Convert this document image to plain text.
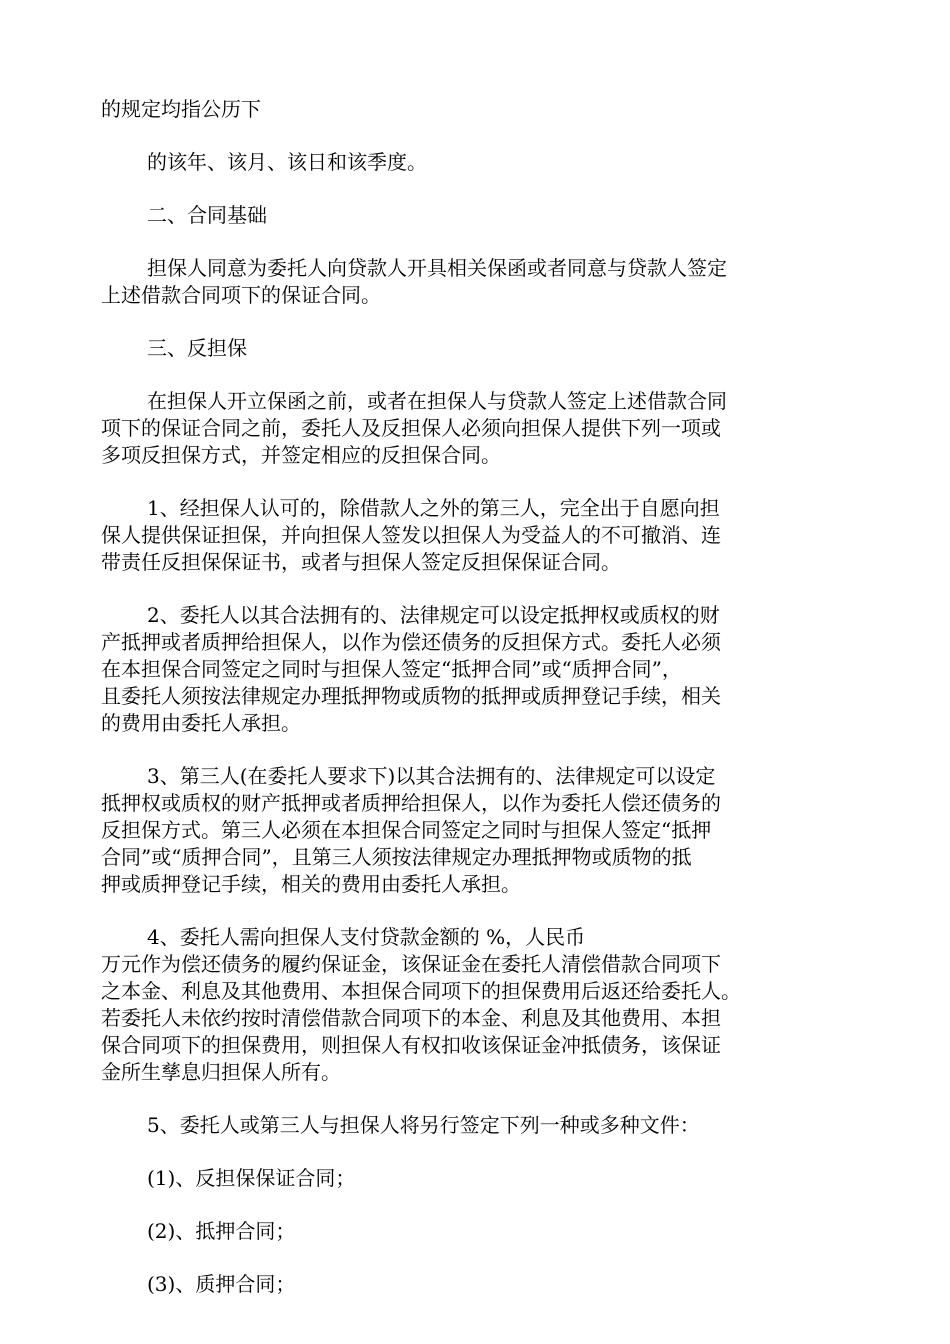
的规定均指公历下

的该年、该月、该日和该季度。

二、合同基础

担保人同意为委托人向贷款人开具相关保函或者同意与贷款人签定
上述借款合同项下的保证合同。

三、反担保

在担保人开立保函之前，或者在担保人与贷款人签定上述借款合同
项下的保证合同之前，委托人及反担保人必须向担保人提供下列一项或
多项反担保方式，并签定相应的反担保合同。

1、经担保人认可的，除借款人之外的第三人，完全出于自愿向担
保人提供保证担保，并向担保人签发以担保人为受益人的不可撤消、连
带责任反担保保证书，或者与担保人签定反担保保证合同。

2、委托人以其合法拥有的、法律规定可以设定抵押权或质权的财
产抵押或者质押给担保人，以作为偿还债务的反担保方式。委托人必须
在本担保合同签定之同时与担保人签定“抵押合同”或“质押合同”，
且委托人须按法律规定办理抵押物或质物的抵押或质押登记手续，相关
的费用由委托人承担。

3、第三人(在委托人要求下)以其合法拥有的、法律规定可以设定
抵押权或质权的财产抵押或者质押给担保人，以作为委托人偿还债务的
反担保方式。第三人必须在本担保合同签定之同时与担保人签定“抵押
合同”或“质押合同”，且第三人须按法律规定办理抵押物或质物的抵
押或质押登记手续，相关的费用由委托人承担。

4、委托人需向担保人支付贷款金额的 %，人民币
万元作为偿还债务的履约保证金，该保证金在委托人清偿借款合同项下
之本金、利息及其他费用、本担保合同项下的担保费用后返还给委托人。
若委托人未依约按时清偿借款合同项下的本金、利息及其他费用、本担
保合同项下的担保费用，则担保人有权扣收该保证金冲抵债务，该保证
金所生孳息归担保人所有。

5、委托人或第三人与担保人将另行签定下列一种或多种文件：

(1)、反担保保证合同；

(2)、抵押合同；

(3)、质押合同；
